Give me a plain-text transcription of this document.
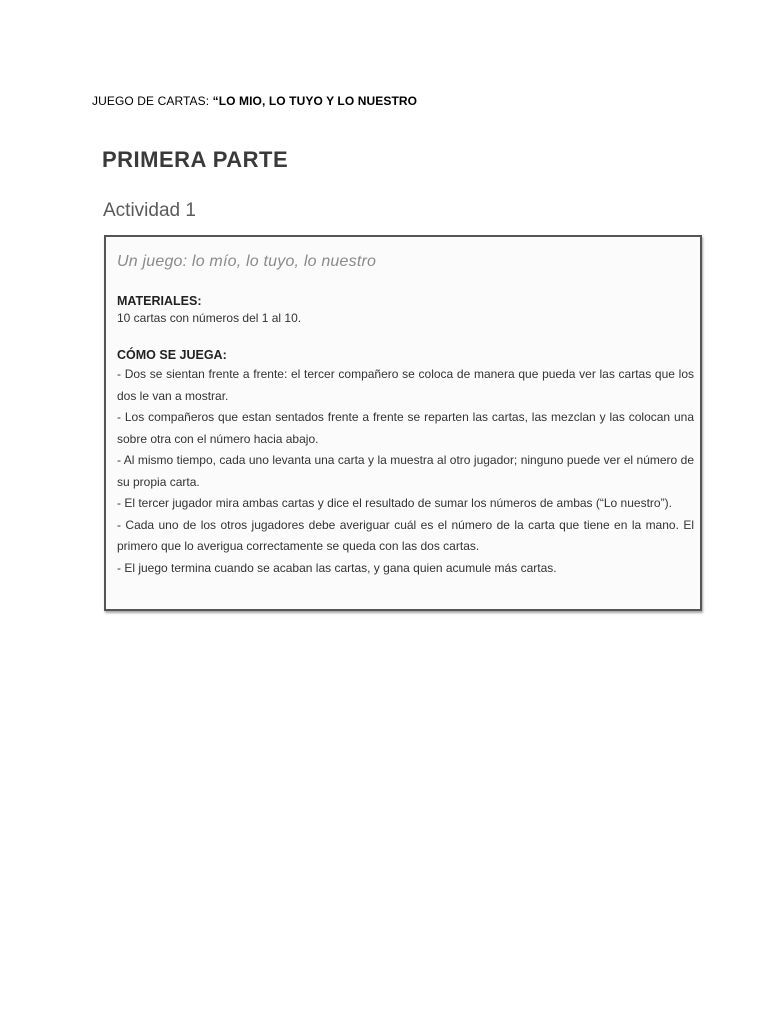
JUEGO DE CARTAS: “LO MIO, LO TUYO Y LO NUESTRO
PRIMERA PARTE
Actividad 1

Un juego: lo mío, lo tuyo, lo nuestro

MATERIALES:

10 cartas con números del 1 al 10.

CÓMO SE JUEGA:

- Dos se sientan frente a frente: el tercer compañero se coloca de manera que pueda ver las cartas que los dos le van a mostrar.
- Los compañeros que estan sentados frente a frente se reparten las cartas, las mezclan y las colocan una sobre otra con el número hacia abajo.
- Al mismo tiempo, cada uno levanta una carta y la muestra al otro jugador; ninguno puede ver el número de su propia carta.
- El tercer jugador mira ambas cartas y dice el resultado de sumar los números de ambas (“Lo nuestro”).
- Cada uno de los otros jugadores debe averiguar cuál es el número de la carta que tiene en la mano. El primero que lo averigua correctamente se queda con las dos cartas.
- El juego termina cuando se acaban las cartas, y gana quien acumule más cartas.
